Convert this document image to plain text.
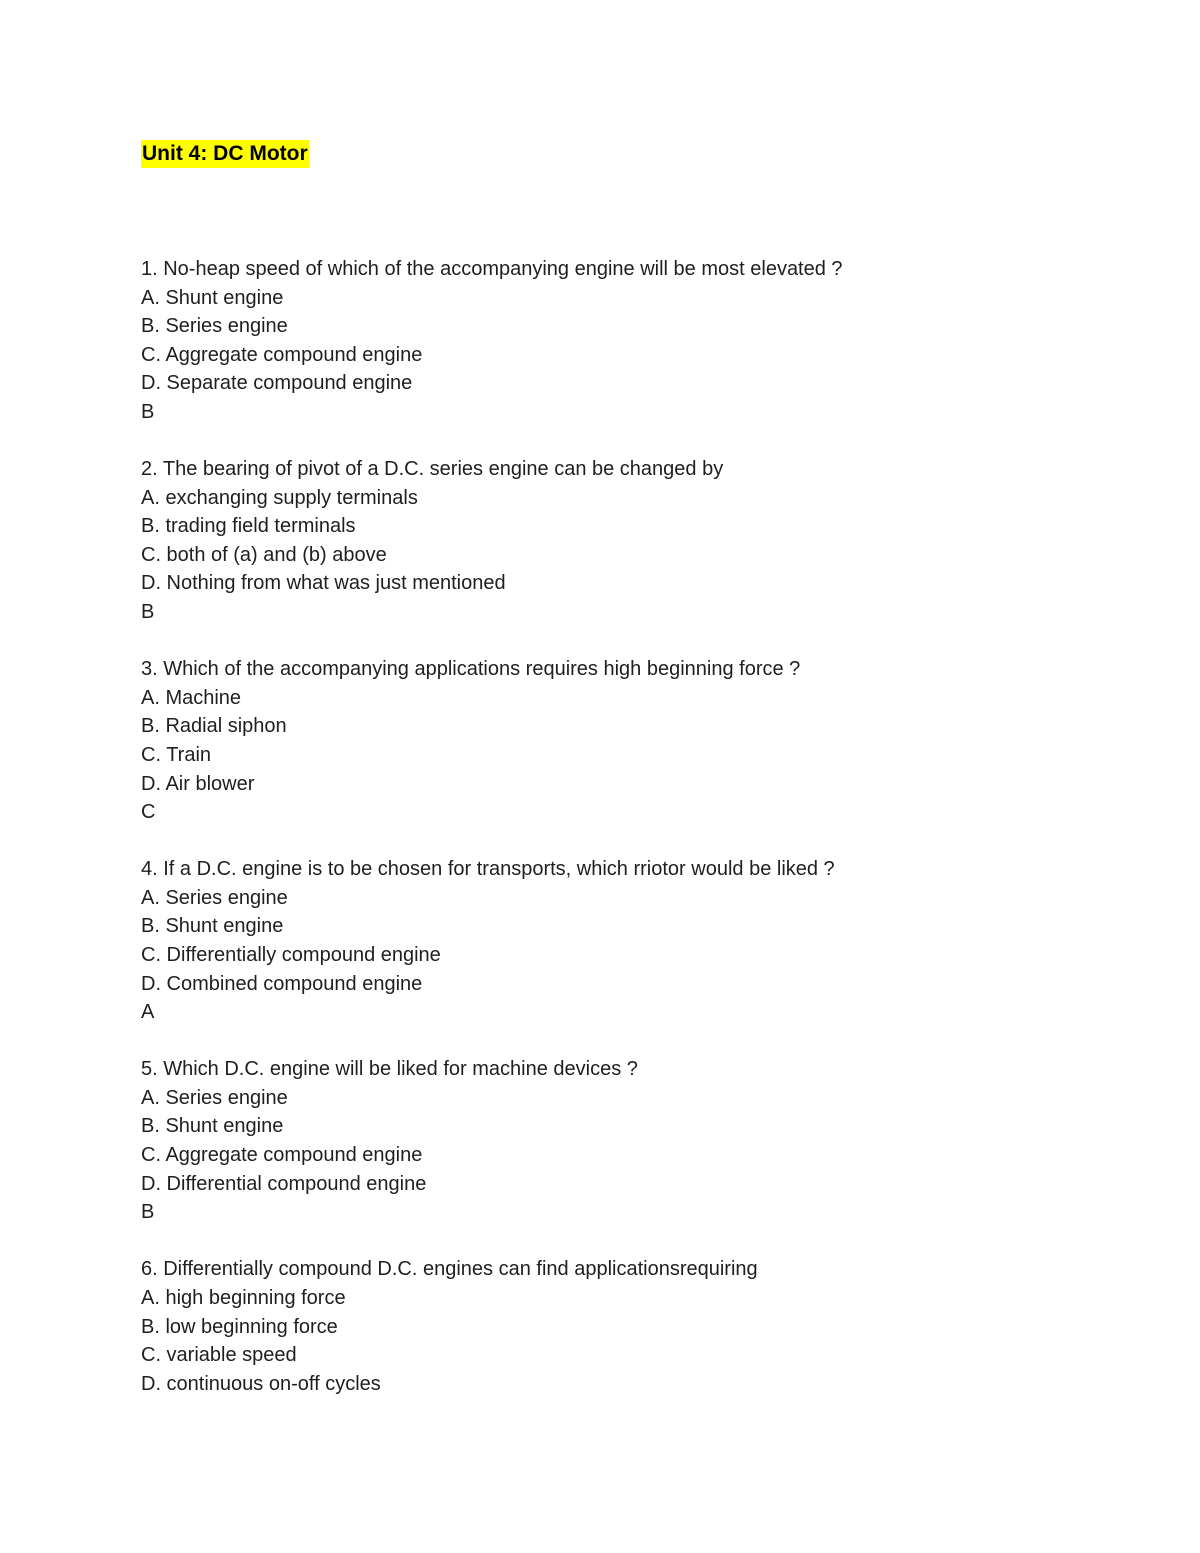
Unit 4: DC Motor
1. No-heap speed of which of the accompanying engine will be most elevated ?
A. Shunt engine
B. Series engine
C. Aggregate compound engine
D. Separate compound engine
B
2. The bearing of pivot of a D.C. series engine can be changed by
A. exchanging supply terminals
B. trading field terminals
C. both of (a) and (b) above
D. Nothing from what was just mentioned
B
3. Which of the accompanying applications requires high beginning force ?
A. Machine
B. Radial siphon
C. Train
D. Air blower
C
4. If a D.C. engine is to be chosen for transports, which rriotor would be liked ?
A. Series engine
B. Shunt engine
C. Differentially compound engine
D. Combined compound engine
A
5. Which D.C. engine will be liked for machine devices ?
A. Series engine
B. Shunt engine
C. Aggregate compound engine
D. Differential compound engine
B
6. Differentially compound D.C. engines can find applicationsrequiring
A. high beginning force
B. low beginning force
C. variable speed
D. continuous on-off cycles
